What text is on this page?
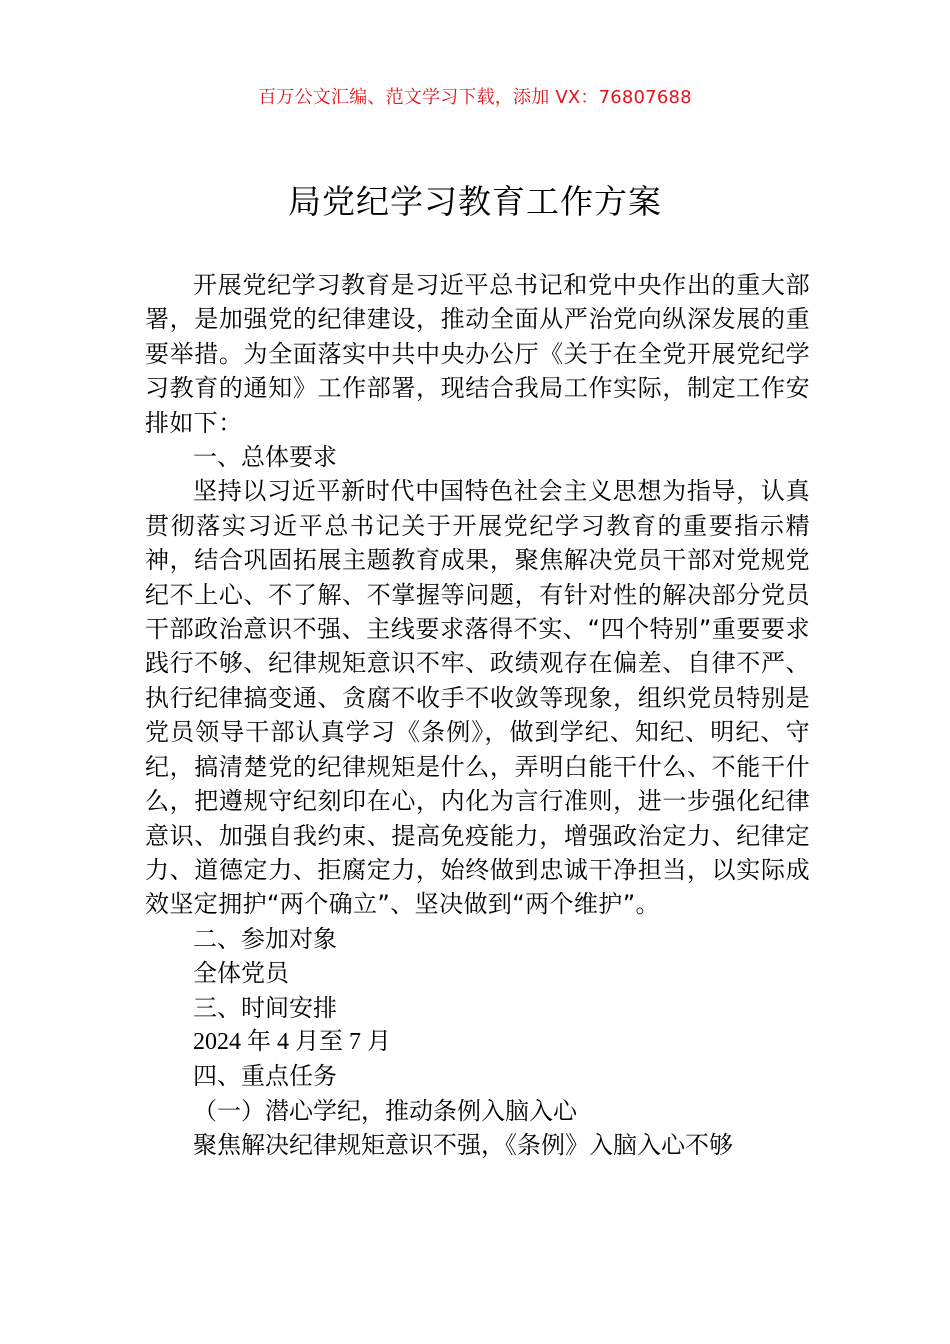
百万公文汇编、范文学习下载，添加 VX：76807688
局党纪学习教育工作方案

开展党纪学习教育是习近平总书记和党中央作出的重大部署，是加强党的纪律建设，推动全面从严治党向纵深发展的重要举措。为全面落实中共中央办公厅《关于在全党开展党纪学习教育的通知》工作部署，现结合我局工作实际，制定工作安排如下：

一、总体要求

坚持以习近平新时代中国特色社会主义思想为指导，认真贯彻落实习近平总书记关于开展党纪学习教育的重要指示精神，结合巩固拓展主题教育成果，聚焦解决党员干部对党规党纪不上心、不了解、不掌握等问题，有针对性的解决部分党员干部政治意识不强、主线要求落得不实、“四个特别”重要要求践行不够、纪律规矩意识不牢、政绩观存在偏差、自律不严、执行纪律搞变通、贪腐不收手不收敛等现象，组织党员特别是党员领导干部认真学习《条例》，做到学纪、知纪、明纪、守纪，搞清楚党的纪律规矩是什么，弄明白能干什么、不能干什么，把遵规守纪刻印在心，内化为言行准则，进一步强化纪律意识、加强自我约束、提高免疫能力，增强政治定力、纪律定力、道德定力、拒腐定力，始终做到忠诚干净担当，以实际成效坚定拥护“两个确立”、坚决做到“两个维护”。

二、参加对象

全体党员

三、时间安排

2024 年 4 月至 7 月

四、重点任务

（一）潜心学纪，推动条例入脑入心

聚焦解决纪律规矩意识不强，《条例》入脑入心不够
